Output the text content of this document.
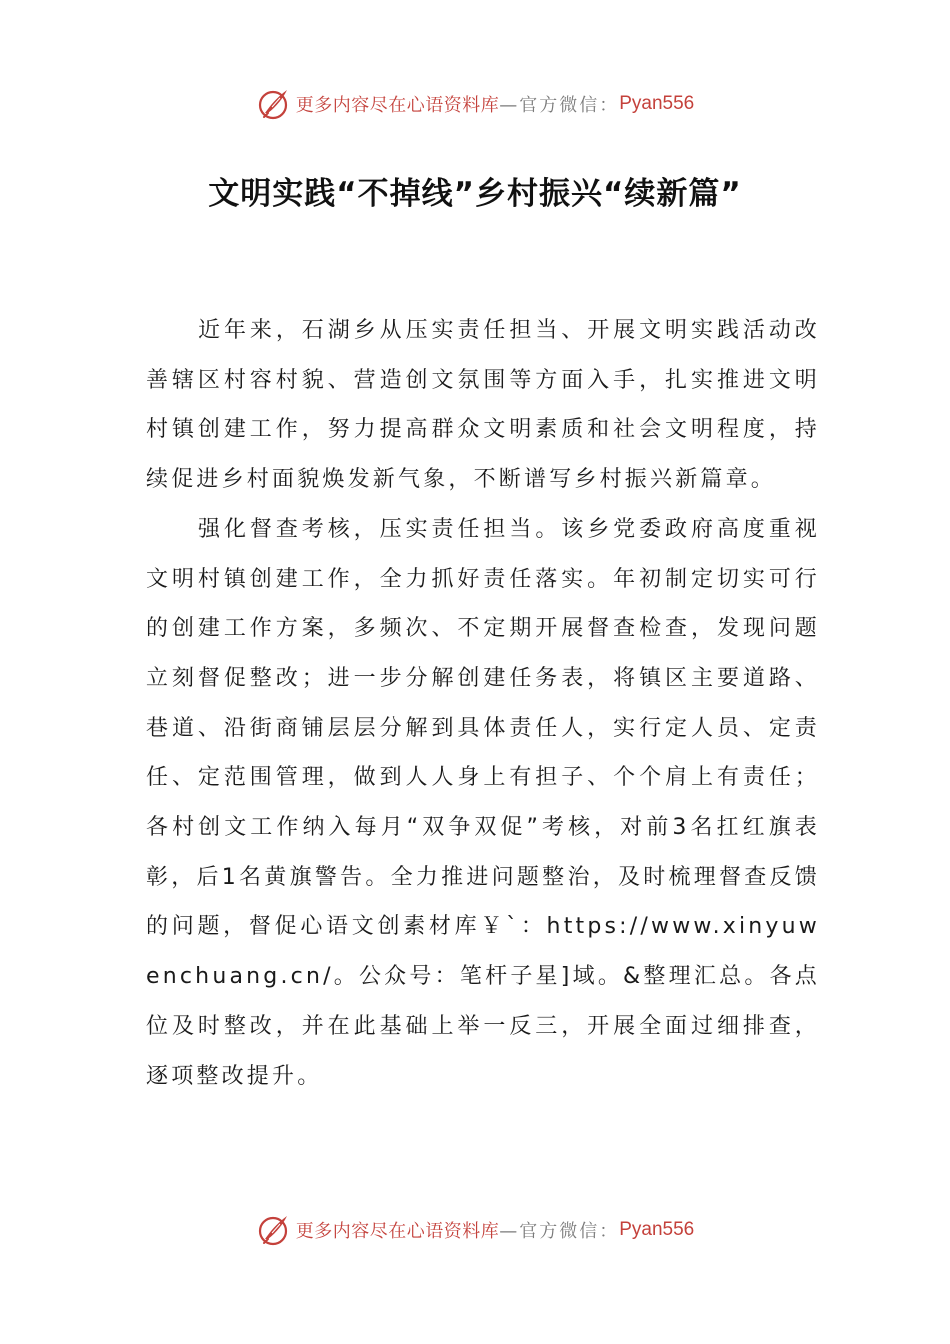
更多内容尽在心语资料库 —官方微信： Pyan556
文明实践“不掉线”乡村振兴“续新篇”

近年来，石湖乡从压实责任担当、开展文明实践活动改善辖区村容村貌、营造创文氛围等方面入手，扎实推进文明村镇创建工作，努力提高群众文明素质和社会文明程度，持续促进乡村面貌焕发新气象，不断谱写乡村振兴新篇章。

强化督查考核，压实责任担当。该乡党委政府高度重视文明村镇创建工作，全力抓好责任落实。年初制定切实可行的创建工作方案，多频次、不定期开展督查检查，发现问题立刻督促整改；进一步分解创建任务表，将镇区主要道路、巷道、沿街商铺层层分解到具体责任人，实行定人员、定责任、定范围管理，做到人人身上有担子、个个肩上有责任；各村创文工作纳入每月“双争双促”考核，对前3名扛红旗表彰，后1名黄旗警告。全力推进问题整治，及时梳理督查反馈的问题，督促心语文创素材库￥`：https://www.xinyuwenchuang.cn/。公众号：笔杆子星]域。&整理汇总。各点位及时整改，并在此基础上举一反三，开展全面过细排查，逐项整改提升。

更多内容尽在心语资料库 —官方微信： Pyan556
